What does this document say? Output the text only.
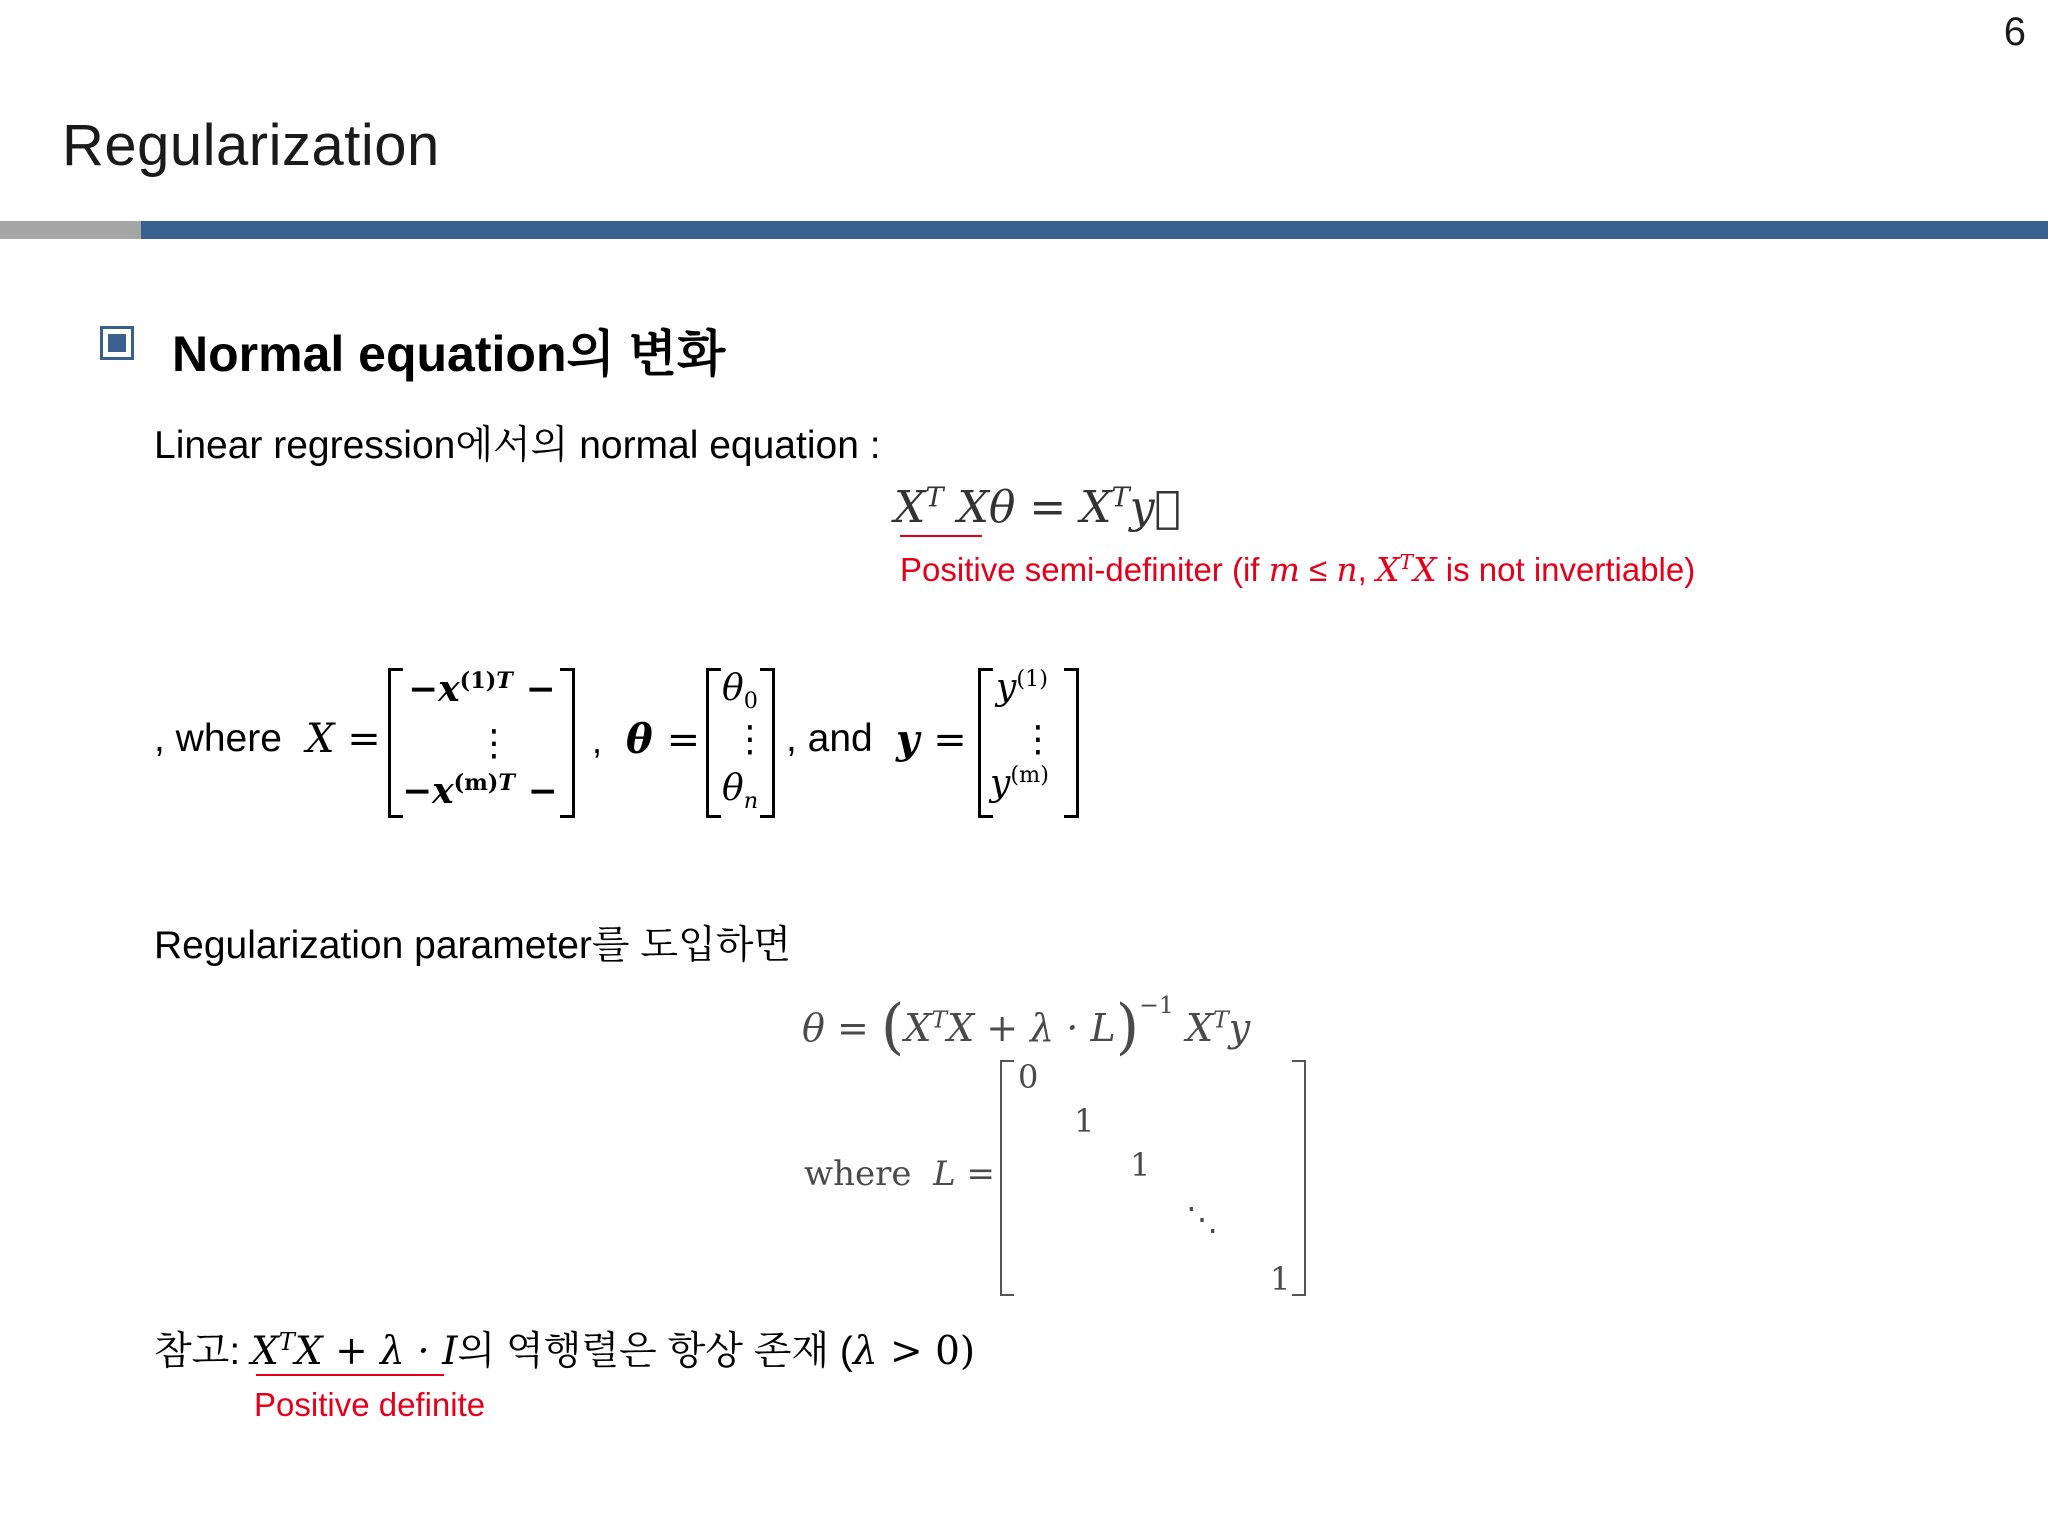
6
Regularization
Normal equation의 변화
Linear regression에서의 normal equation :
$X^T$ $X\theta = X^Ty⃗$
Positive semi-definiter (if m ≤ n, $X^TX$ is not invertiable)
, where X =
$-x^{(1)T}$ −
⋮
$-x^{(m)T}$ −
, θ =
$\theta_0$
⋮
$\theta_n$
, and y =
$y^{(1)}$
⋮
$y^{(m)}$
Regularization parameter를 도입하면
$\theta = (X^TX + \lambda \cdot L)^{-1}$ $X^Ty$
where L =
0
1
1
⋱
1
참고: $X^TX + \lambda \cdot I$의 역행렬은 항상 존재 (λ > 0)
Positive definite
